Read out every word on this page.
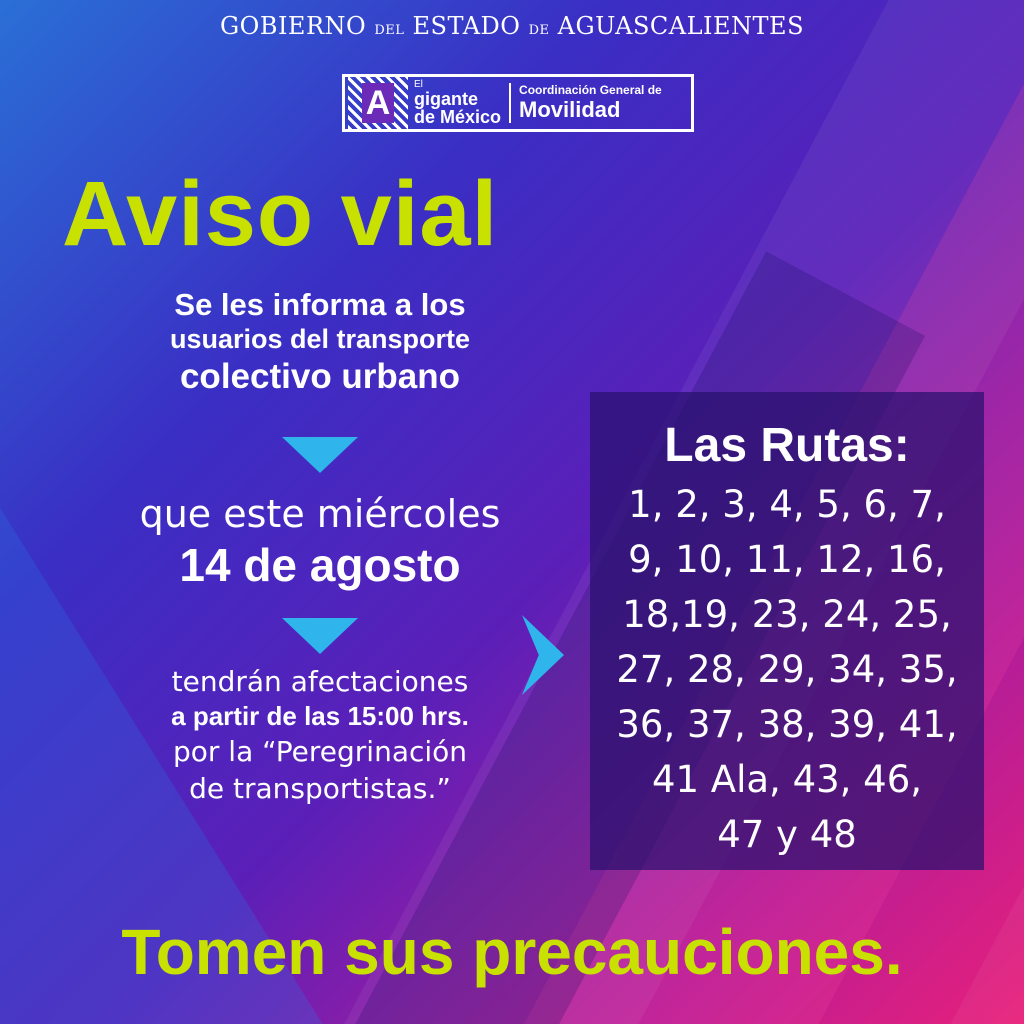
GOBIERNO DEL ESTADO DE AGUASCALIENTES
A	El
gigante
de México
Coordinación General de
Movilidad
Aviso vial
Se les informa a los
usuarios del transporte
colectivo urbano
que este miércoles
14 de agosto
tendrán afectaciones
a partir de las 15:00 hrs.
por la “Peregrinación
de transportistas.”
Las Rutas:
1, 2, 3, 4, 5, 6, 7,
9, 10, 11, 12, 16,
18,19, 23, 24, 25,
27, 28, 29, 34, 35,
36, 37, 38, 39, 41,
41 Ala, 43, 46,
47 y 48
Tomen sus precauciones.
